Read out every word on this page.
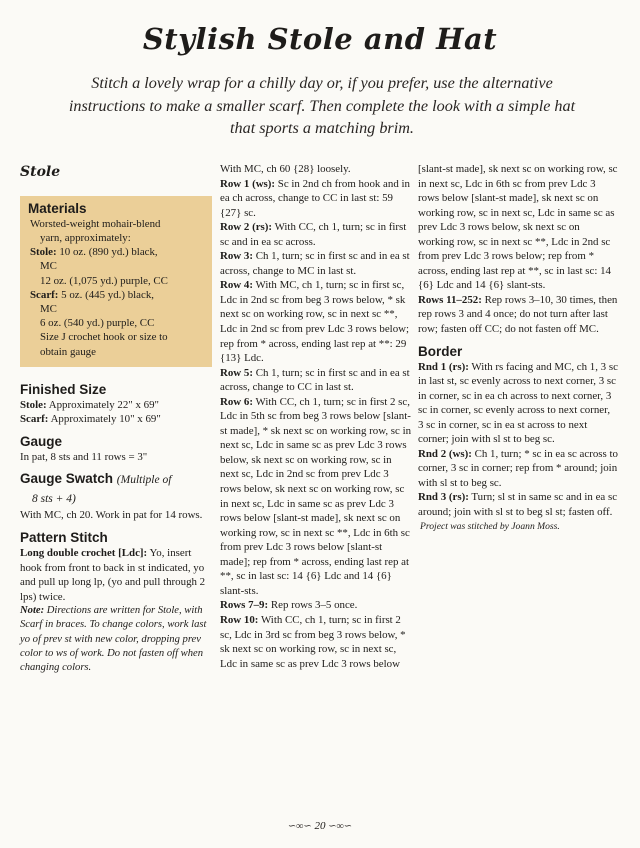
Stylish Stole and Hat
Stitch a lovely wrap for a chilly day or, if you prefer, use the alternative instructions to make a smaller scarf. Then complete the look with a simple hat that sports a matching brim.
Stole
Materials
Worsted-weight mohair-blend
yarn, approximately:
Stole: 10 oz. (890 yd.) black,
MC
12 oz. (1,075 yd.) purple, CC
Scarf: 5 oz. (445 yd.) black,
MC
6 oz. (540 yd.) purple, CC
Size J crochet hook or size to
obtain gauge
Finished Size

Stole: Approximately 22" x 69"

Scarf: Approximately 10" x 69"

Gauge

In pat, 8 sts and 11 rows = 3"

Gauge Swatch (Multiple of
8 sts + 4)

With MC, ch 20. Work in pat for 14 rows.

Pattern Stitch

Long double crochet [Ldc]: Yo, insert hook from front to back in st indicated, yo and pull up long lp, (yo and pull through 2 lps) twice.

Note: Directions are written for Stole, with Scarf in braces. To change colors, work last yo of prev st with new color, dropping prev color to ws of work. Do not fasten off when changing colors.

With MC, ch 60 {28} loosely.

Row 1 (ws): Sc in 2nd ch from hook and in ea ch across, change to CC in last st: 59 {27} sc.

Row 2 (rs): With CC, ch 1, turn; sc in first sc and in ea sc across.

Row 3: Ch 1, turn; sc in first sc and in ea st across, change to MC in last st.

Row 4: With MC, ch 1, turn; sc in first sc, Ldc in 2nd sc from beg 3 rows below, * sk next sc on working row, sc in next sc **, Ldc in 2nd sc from prev Ldc 3 rows below; rep from * across, ending last rep at **: 29 {13} Ldc.

Row 5: Ch 1, turn; sc in first sc and in ea st across, change to CC in last st.

Row 6: With CC, ch 1, turn; sc in first 2 sc, Ldc in 5th sc from beg 3 rows below [slant-st made], * sk next sc on working row, sc in next sc, Ldc in same sc as prev Ldc 3 rows below, sk next sc on working row, sc in next sc, Ldc in 2nd sc from prev Ldc 3 rows below, sk next sc on working row, sc in next sc, Ldc in same sc as prev Ldc 3 rows below [slant-st made], sk next sc on working row, sc in next sc **, Ldc in 6th sc from prev Ldc 3 rows below [slant-st made]; rep from * across, ending last rep at **, sc in last sc: 14 {6} Ldc and 14 {6} slant-sts.

Rows 7–9: Rep rows 3–5 once.

Row 10: With CC, ch 1, turn; sc in first 2 sc, Ldc in 3rd sc from beg 3 rows below, * sk next sc on working row, sc in next sc, Ldc in same sc as prev Ldc 3 rows below

[slant-st made], sk next sc on working row, sc in next sc, Ldc in 6th sc from prev Ldc 3 rows below [slant-st made], sk next sc on working row, sc in next sc, Ldc in same sc as prev Ldc 3 rows below, sk next sc on working row, sc in next sc **, Ldc in 2nd sc from prev Ldc 3 rows below; rep from * across, ending last rep at **, sc in last sc: 14 {6} Ldc and 14 {6} slant-sts.

Rows 11–252: Rep rows 3–10, 30 times, then rep rows 3 and 4 once; do not turn after last row; fasten off CC; do not fasten off MC.

Border

Rnd 1 (rs): With rs facing and MC, ch 1, 3 sc in last st, sc evenly across to next corner, 3 sc in corner, sc in ea ch across to next corner, 3 sc in corner, sc evenly across to next corner, 3 sc in corner, sc in ea st across to next corner; join with sl st to beg sc.

Rnd 2 (ws): Ch 1, turn; * sc in ea sc across to corner, 3 sc in corner; rep from * around; join with sl st to beg sc.

Rnd 3 (rs): Turn; sl st in same sc and in ea sc around; join with sl st to beg sl st; fasten off.

Project was stitched by Joann Moss.

∽∞∽ 20 ∽∞∽
